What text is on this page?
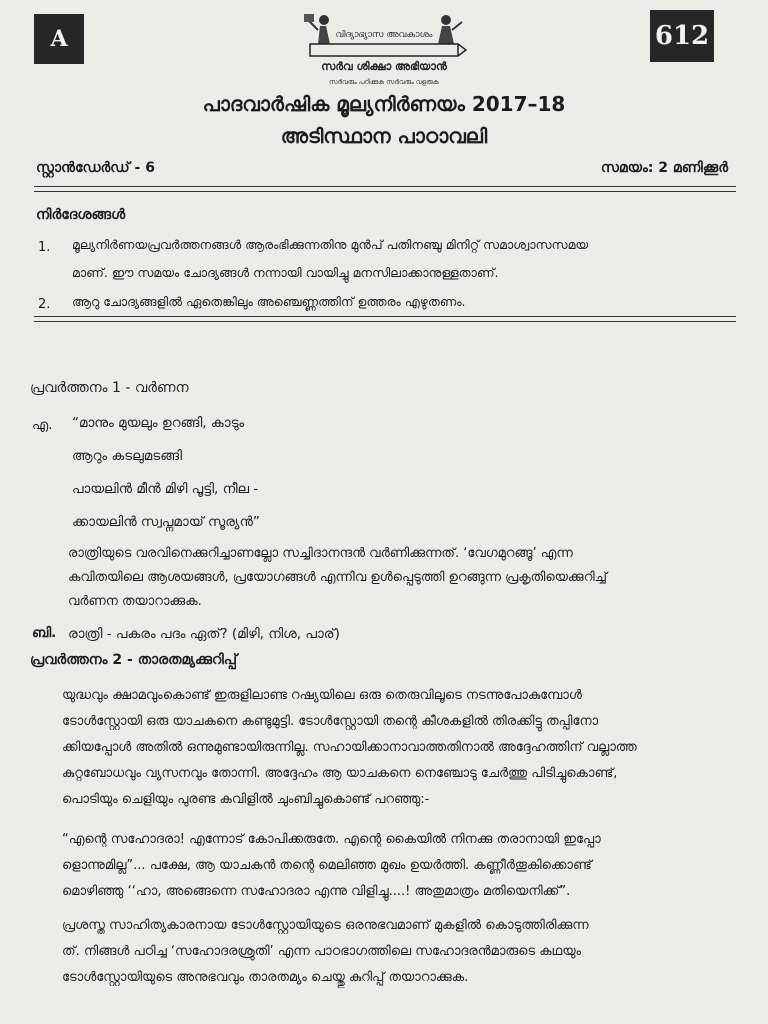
A	612
വിദ്യാഭ്യാസ അവകാശം
സർവ ശിക്ഷാ അഭിയാൻ
സർവരും പഠിക്കുക സർവരും വളരുക
പാദവാർഷിക മൂല്യനിർണയം 2017–18
അടിസ്ഥാന പാഠാവലി
സ്റ്റാൻഡേർഡ് - 6	സമയം: 2 മണിക്കൂർ
നിർദേശങ്ങൾ
1. മൂല്യനിർണയപ്രവർത്തനങ്ങൾ ആരംഭിക്കുന്നതിനു മുൻപ് പതിനഞ്ചു മിനിറ്റ് സമാശ്വാസസമയ
മാണ്. ഈ സമയം ചോദ്യങ്ങൾ നന്നായി വായിച്ചു മനസിലാക്കാനുള്ളതാണ്.
2. ആറു ചോദ്യങ്ങളിൽ ഏതെങ്കിലും അഞ്ചെണ്ണത്തിന് ഉത്തരം എഴുതണം.
പ്രവർത്തനം 1 - വർണന
എ. “മാനും മുയലും ഉറങ്ങി, കാടും
ആറും കടലുമടങ്ങി
പായലിൻ മീൻ മിഴി പൂട്ടി, നീല -
ക്കായലിൻ സ്വപ്നമായ് സൂര്യൻ”
രാത്രിയുടെ വരവിനെക്കുറിച്ചാണല്ലോ സച്ചിദാനന്ദൻ വർണിക്കുന്നത്. ‘വേഗമുറങ്ങൂ’ എന്ന
കവിതയിലെ ആശയങ്ങൾ, പ്രയോഗങ്ങൾ എന്നിവ ഉൾപ്പെടുത്തി ഉറങ്ങുന്ന പ്രകൃതിയെക്കുറിച്ച്
വർണന തയാറാക്കുക.
ബി. രാത്രി - പകരം പദം ഏത്? (മിഴി, നിശ, പാര്)
പ്രവർത്തനം 2 - താരതമ്യക്കുറിപ്പ്
യുദ്ധവും ക്ഷാമവുംകൊണ്ട് ഇരുളിലാണ്ട റഷ്യയിലെ ഒരു തെരുവിലൂടെ നടന്നുപോകുമ്പോൾ
ടോൾസ്റ്റോയി ഒരു യാചകനെ കണ്ടുമുട്ടി. ടോൾസ്റ്റോയി തന്റെ കീശകളിൽ തിരക്കിട്ടു തപ്പിനോ
ക്കിയപ്പോൾ അതിൽ ഒന്നുമുണ്ടായിരുന്നില്ല. സഹായിക്കാനാവാത്തതിനാൽ അദ്ദേഹത്തിന് വല്ലാത്ത
കുറ്റബോധവും വ്യസനവും തോന്നി. അദ്ദേഹം ആ യാചകനെ നെഞ്ചോടു ചേർത്തു പിടിച്ചുകൊണ്ട്,
പൊടിയും ചെളിയും പുരണ്ട കവിളിൽ ചുംബിച്ചുകൊണ്ട് പറഞ്ഞു:-
“എന്റെ സഹോദരാ! എന്നോട് കോപിക്കരുതേ. എന്റെ കൈയിൽ നിനക്കു തരാനായി ഇപ്പോ
ളൊന്നുമില്ല”... പക്ഷേ, ആ യാചകൻ തന്റെ മെലിഞ്ഞ മുഖം ഉയർത്തി. കണ്ണീർതൂകിക്കൊണ്ട്
മൊഴിഞ്ഞു ‘‘ഹാ, അങ്ങെന്നെ സഹോദരാ എന്നു വിളിച്ചു....! അതുമാത്രം മതിയെനിക്ക്”.
പ്രശസ്ത സാഹിത്യകാരനായ ടോൾസ്റ്റോയിയുടെ ഒരനുഭവമാണ് മുകളിൽ കൊടുത്തിരിക്കുന്ന
ത്. നിങ്ങൾ പഠിച്ച ‘സഹോദരശ്രുതി’ എന്ന പാഠഭാഗത്തിലെ സഹോദരൻമാരുടെ കഥയും
ടോൾസ്റ്റോയിയുടെ അനുഭവവും താരതമ്യം ചെയ്തു കുറിപ്പ് തയാറാക്കുക.
